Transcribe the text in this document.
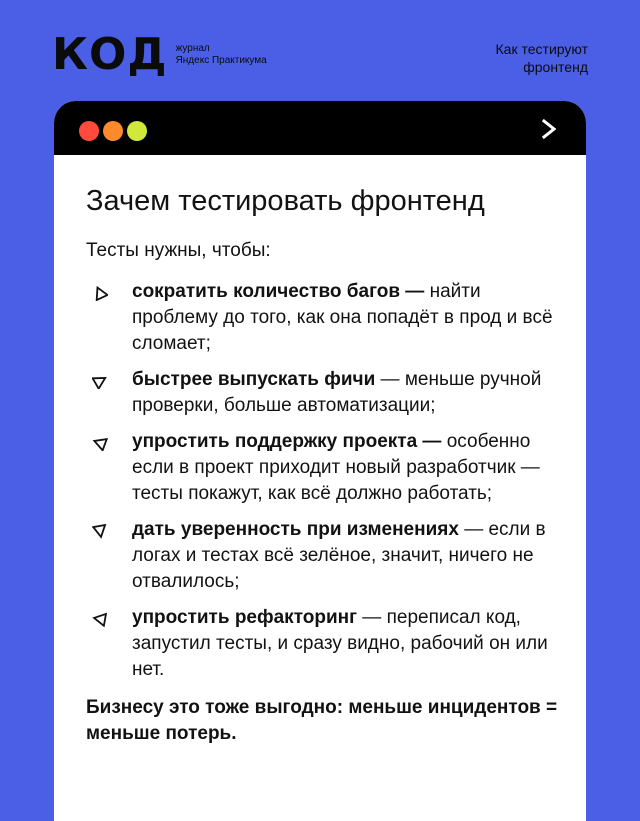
КОД журнал
Яндекс Практикума
Как тестируют
фронтенд
Зачем тестировать фронтенд
Тесты нужны, чтобы:
сократить количество багов — найти проблему до того, как она попадёт в прод и всё сломает;
быстрее выпускать фичи — меньше ручной проверки, больше автоматизации;
упростить поддержку проекта — особенно если в проект приходит новый разработчик — тесты покажут, как всё должно работать;
дать уверенность при изменениях — если в логах и тестах всё зелёное, значит, ничего не отвалилось;
упростить рефакторинг — переписал код, запустил тесты, и сразу видно, рабочий он или нет.
Бизнесу это тоже выгодно: меньше инцидентов = меньше потерь.
